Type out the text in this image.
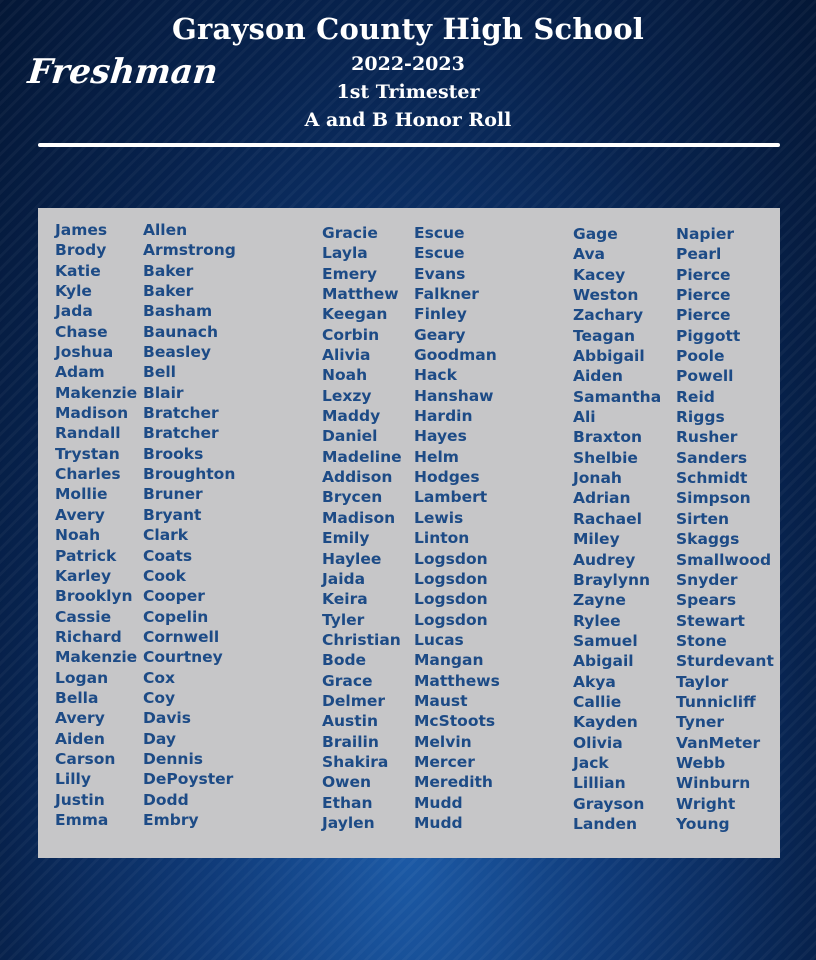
Grayson County High School
2022-2023
1st Trimester
A and B Honor Roll
Freshman
James
Brody
Katie
Kyle
Jada
Chase
Joshua
Adam
Makenzie
Madison
Randall
Trystan
Charles
Mollie
Avery
Noah
Patrick
Karley
Brooklyn
Cassie
Richard
Makenzie
Logan
Bella
Avery
Aiden
Carson
Lilly
Justin
Emma
Allen
Armstrong
Baker
Baker
Basham
Baunach
Beasley
Bell
Blair
Bratcher
Bratcher
Brooks
Broughton
Bruner
Bryant
Clark
Coats
Cook
Cooper
Copelin
Cornwell
Courtney
Cox
Coy
Davis
Day
Dennis
DePoyster
Dodd
Embry
Gracie
Layla
Emery
Matthew
Keegan
Corbin
Alivia
Noah
Lexzy
Maddy
Daniel
Madeline
Addison
Brycen
Madison
Emily
Haylee
Jaida
Keira
Tyler
Christian
Bode
Grace
Delmer
Austin
Brailin
Shakira
Owen
Ethan
Jaylen
Escue
Escue
Evans
Falkner
Finley
Geary
Goodman
Hack
Hanshaw
Hardin
Hayes
Helm
Hodges
Lambert
Lewis
Linton
Logsdon
Logsdon
Logsdon
Logsdon
Lucas
Mangan
Matthews
Maust
McStoots
Melvin
Mercer
Meredith
Mudd
Mudd
Gage
Ava
Kacey
Weston
Zachary
Teagan
Abbigail
Aiden
Samantha
Ali
Braxton
Shelbie
Jonah
Adrian
Rachael
Miley
Audrey
Braylynn
Zayne
Rylee
Samuel
Abigail
Akya
Callie
Kayden
Olivia
Jack
Lillian
Grayson
Landen
Napier
Pearl
Pierce
Pierce
Pierce
Piggott
Poole
Powell
Reid
Riggs
Rusher
Sanders
Schmidt
Simpson
Sirten
Skaggs
Smallwood
Snyder
Spears
Stewart
Stone
Sturdevant
Taylor
Tunnicliff
Tyner
VanMeter
Webb
Winburn
Wright
Young
